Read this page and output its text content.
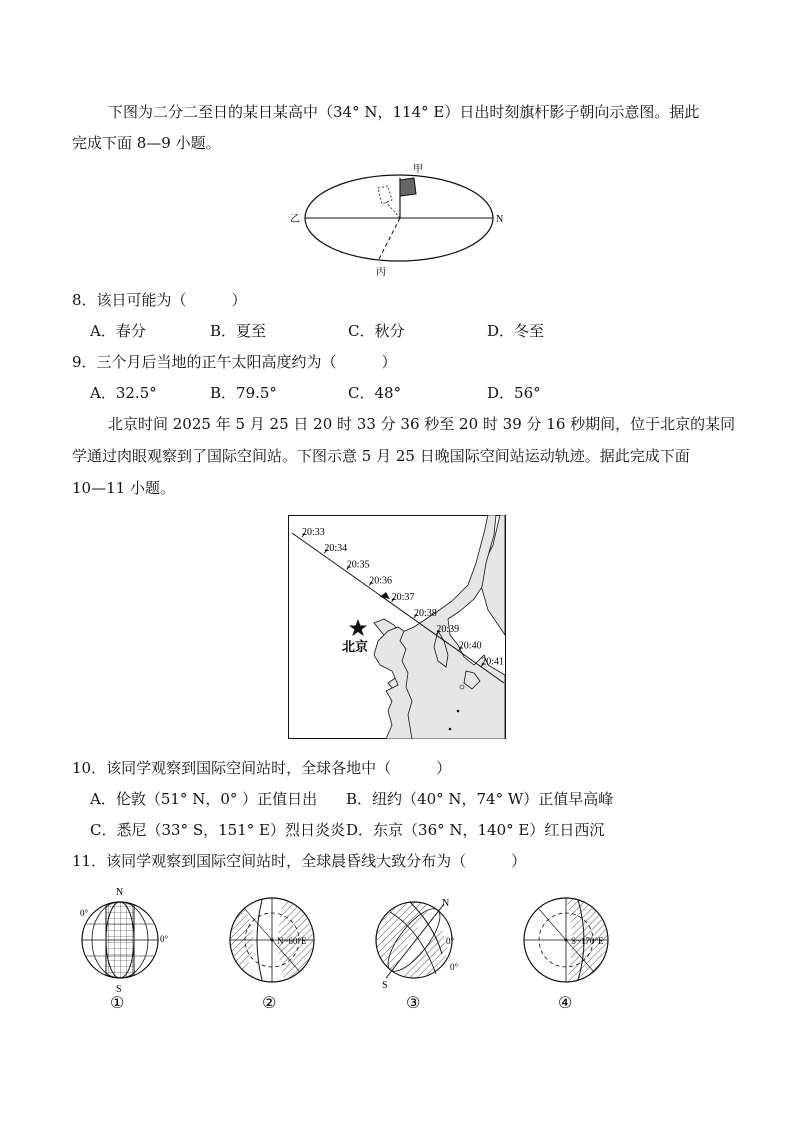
下图为二分二至日的某日某高中（34° N，114° E）日出时刻旗杆影子朝向示意图。据此
完成下面 8—9 小题。
甲
乙
丙
N
8．该日可能为（　　　）
A．春分	B．夏至	C．秋分	D．冬至
9．三个月后当地的正午太阳高度约为（　　　）
A．32.5°	B．79.5°	C．48°	D．56°
北京时间 2025 年 5 月 25 日 20 时 33 分 36 秒至 20 时 39 分 16 秒期间，位于北京的某同
学通过肉眼观察到了国际空间站。下图示意 5 月 25 日晚国际空间站运动轨迹。据此完成下面
10—11 小题。
20:33
20:34
20:35
20:36
20:37
20:38
20:39
20:40
20:41
北京
10．该同学观察到国际空间站时，全球各地中（　　　）
A．伦敦（51° N，0° ）正值日出 B．纽约（40° N，74° W）正值早高峰
C．悉尼（33° S，151° E）烈日炎炎 D．东京（36° N，140° E）红日西沉
11．该同学观察到国际空间站时，全球晨昏线大致分布为（　　　）
N
S
0°
0°
①
N~60°E
②
N
S
0°
0°
③
S~170°E
④
